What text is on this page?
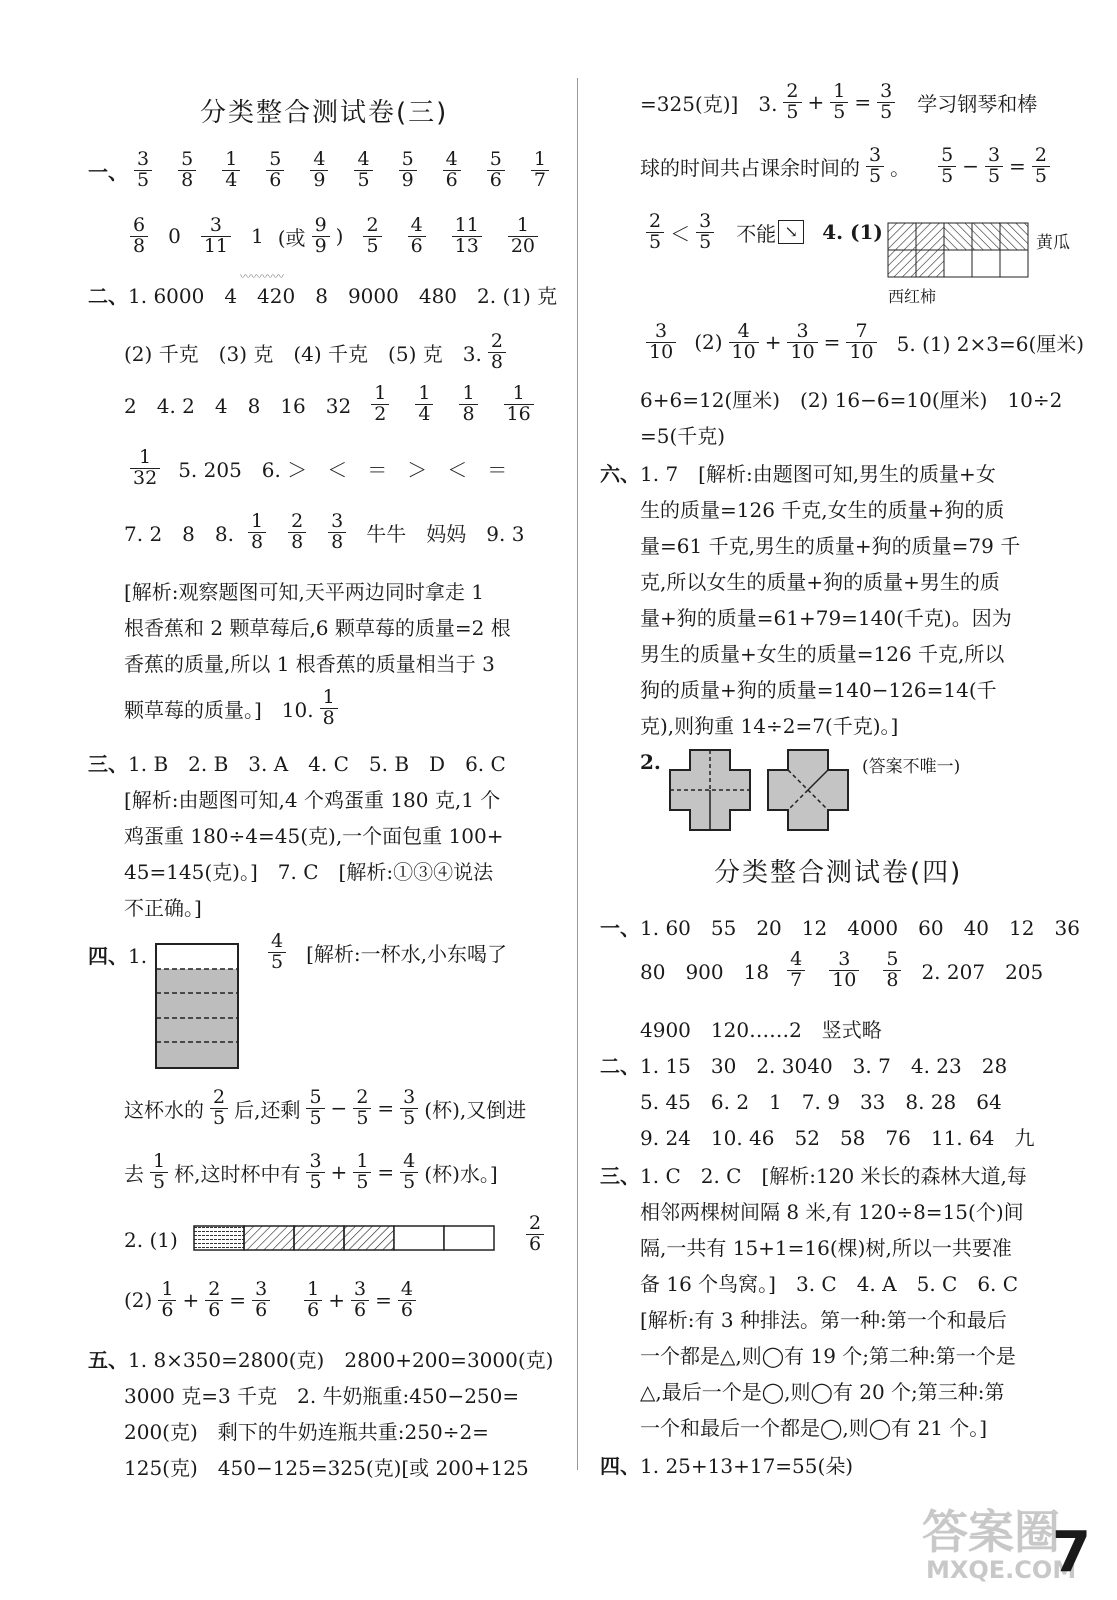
分类整合测试卷(三)
一、 $\frac{3}{5} \frac{5}{8} \frac{1}{4} \frac{5}{6} \frac{4}{9} \frac{4}{5} \frac{5}{9} \frac{4}{6} \frac{5}{6} \frac{1}{7}$
$\frac{6}{8} 0 \frac{3}{11} 1$ (或 $\frac{9}{9}$ ) $\frac{2}{5} \frac{4}{6} \frac{11}{13} \frac{1}{20}$
〰〰〰〰
二、1. 6000　4　420　8　9000　480　2. (1) 克
(2) 千克　(3) 克　(4) 千克　(5) 克　3. $\frac{2}{8}$
2　4. 2　4　8　16　$32 \frac{1}{2} \frac{1}{4} \frac{1}{8} \frac{1}{16}$
$\frac{1}{32} 5$. 205　6. ＞　＜　＝　＞　＜　＝
7. 2　8　8. $\frac{1}{8} \frac{2}{8} \frac{3}{8}$ 牛牛　妈妈　9. 3
[解析:观察题图可知,天平两边同时拿走 1
根香蕉和 2 颗草莓后,6 颗草莓的质量=2 根
香蕉的质量,所以 1 根香蕉的质量相当于 3
颗草莓的质量。]　10. $\frac{1}{8}$
三、1. B　2. B　3. A　4. C　5. B　D　6. C
[解析:由题图可知,4 个鸡蛋重 180 克,1 个
鸡蛋重 180÷4=45(克),一个面包重 100+
45=145(克)。]　7. C　[解析:①③④说法
不正确。]
四、1.	$\frac{4}{5}$ [解析:一杯水,小东喝了
这杯水的 $\frac{2}{5}$ 后,还剩 $\frac{5}{5} - \frac{2}{5} = \frac{3}{5}$ (杯),又倒进
去 $\frac{1}{5}$ 杯,这时杯中有 $\frac{3}{5} + \frac{1}{5} = \frac{4}{5}$ (杯)水。]
2. (1)	$\frac{2}{6}$
$(2) \frac{1}{6} + \frac{2}{6} = \frac{3}{6} \frac{1}{6} + \frac{3}{6} = \frac{4}{6}$
五、1. 8×350=2800(克)　2800+200=3000(克)
3000 克=3 千克　2. 牛奶瓶重:450−250=
200(克)　剩下的牛奶连瓶共重:250÷2=
125(克)　450−125=325(克)[或 200+125
=325(克)]　3. $\frac{2}{5} + \frac{1}{5} = \frac{3}{5}$ 学习钢琴和棒
球的时间共占课余时间的 $\frac{3}{5}$ 。 $\frac{5}{5} - \frac{3}{5} = \frac{2}{5}$
$\frac{2}{5} < \frac{3}{5}$ 不能 ↘	4. (1)	黄瓜
西红柿
$\frac{3}{10} (2) \frac{4}{10} + \frac{3}{10} = \frac{7}{10} 5$. (1) 2×3=6(厘米)
6+6=12(厘米)　(2) 16−6=10(厘米)　10÷2
=5(千克)
六、1. 7　[解析:由题图可知,男生的质量+女
生的质量=126 千克,女生的质量+狗的质
量=61 千克,男生的质量+狗的质量=79 千
克,所以女生的质量+狗的质量+男生的质
量+狗的质量=61+79=140(千克)。因为
男生的质量+女生的质量=126 千克,所以
狗的质量+狗的质量=140−126=14(千
克),则狗重 14÷2=7(千克)。]
2.	(答案不唯一)
分类整合测试卷(四)
一、1. 60　55　20　12　4000　60　40　12　36
80　900　$18 \frac{4}{7} \frac{3}{10} \frac{5}{8} 2$. 207　205
4900　120……2　竖式略
二、1. 15　30　2. 3040　3. 7　4. 23　28
5. 45　6. 2　1　7. 9　33　8. 28　64
9. 24　10. 46　52　58　76　11. 64　九
三、1. C　2. C　[解析:120 米长的森林大道,每
相邻两棵树间隔 8 米,有 120÷8=15(个)间
隔,一共有 15+1=16(棵)树,所以一共要准
备 16 个鸟窝。]　3. C　4. A　5. C　6. C
[解析:有 3 种排法。第一种:第一个和最后
一个都是△,则◯有 19 个;第二种:第一个是
△,最后一个是◯,则◯有 20 个;第三种:第
一个和最后一个都是◯,则◯有 21 个。]
四、1. 25+13+17=55(朵)
答案圈
MXQE.COM
7
